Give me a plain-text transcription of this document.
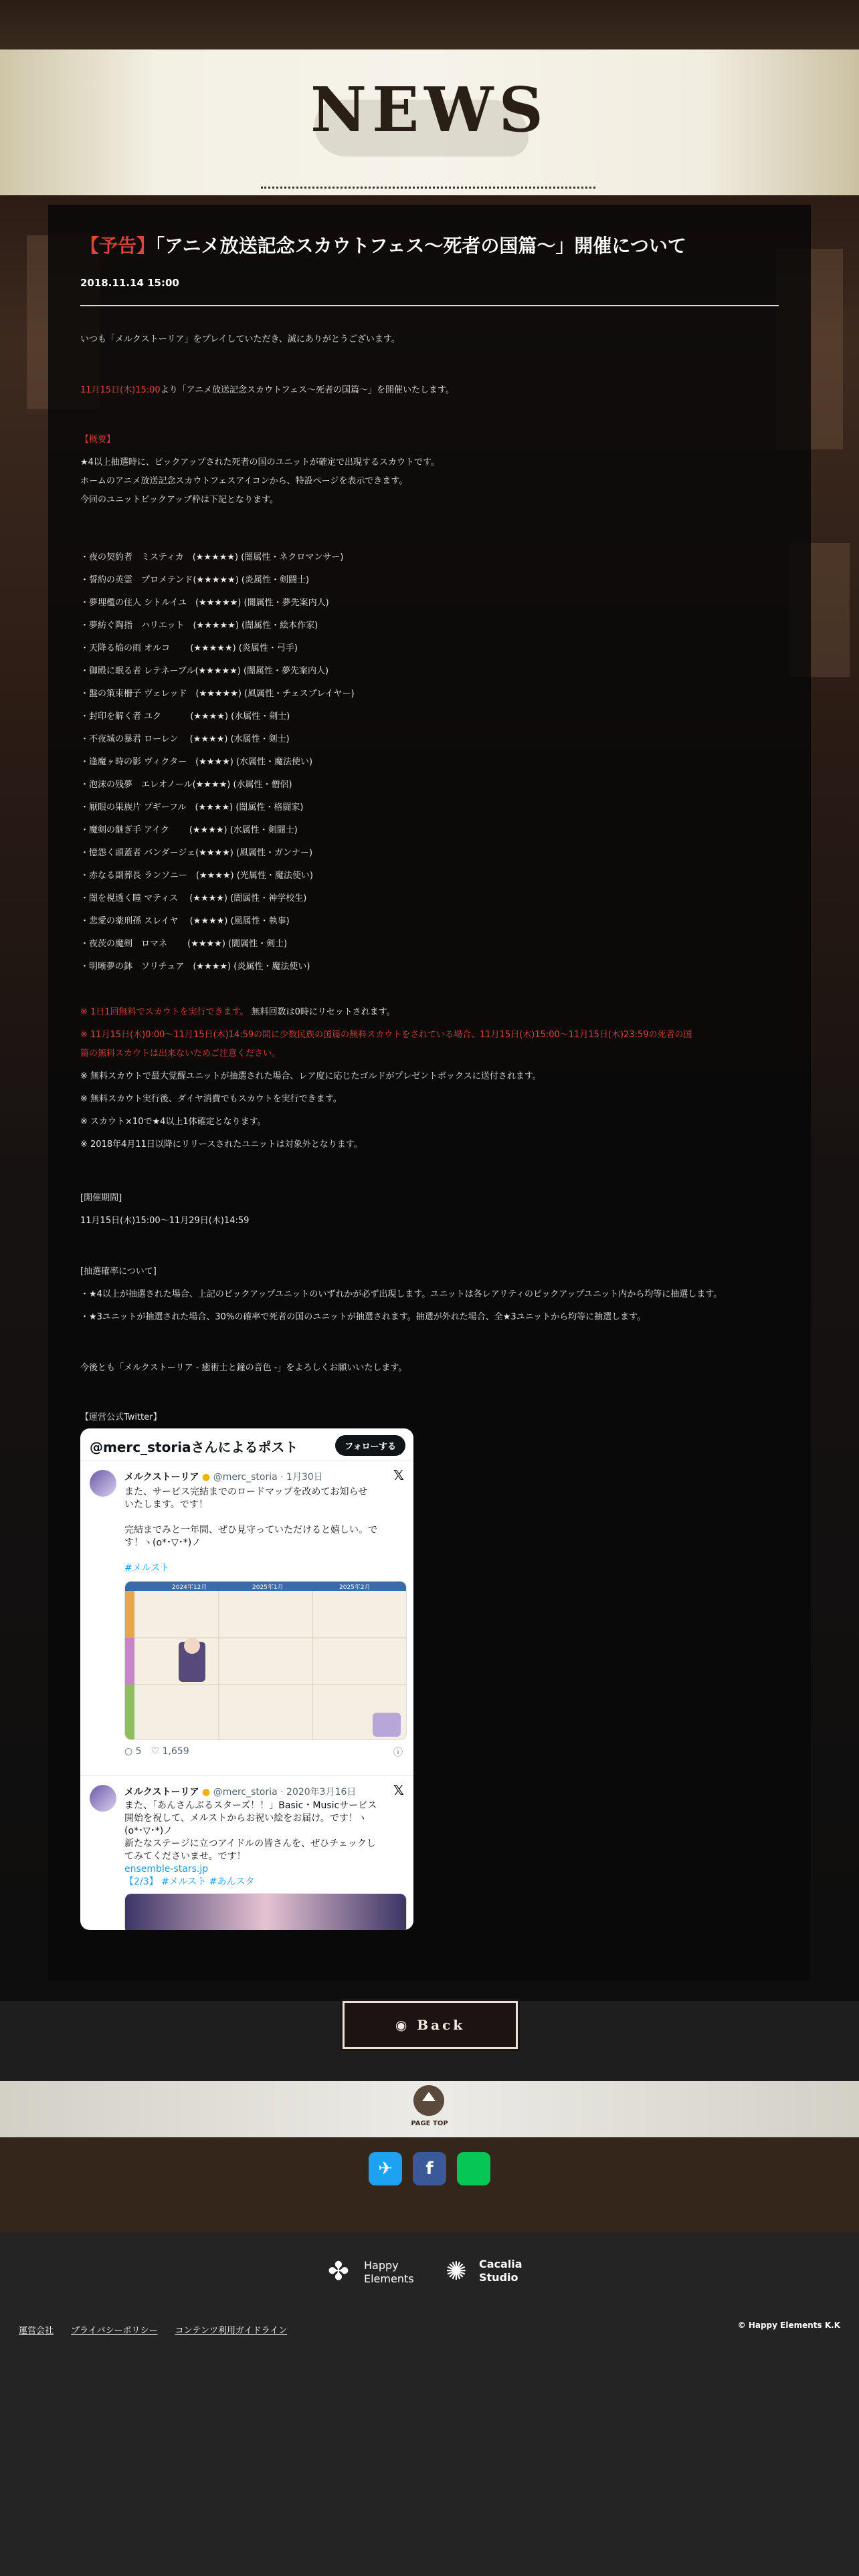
NEWS
【予告】「アニメ放送記念スカウトフェス〜死者の国篇〜」開催について
2018.11.14 15:00
いつも「メルクストーリア」をプレイしていただき、誠にありがとうございます。
11月15日(木)15:00より「アニメ放送記念スカウトフェス〜死者の国篇〜」を開催いたします。
【概要】
★4以上抽選時に、ピックアップされた死者の国のユニットが確定で出現するスカウトです。
ホームのアニメ放送記念スカウトフェスアイコンから、特設ページを表示できます。
今回のユニットピックアップ枠は下記となります。
・夜の契約者　ミスティカ　(★★★★★) (闇属性・ネクロマンサー)
・誓約の英霊　プロメテンド(★★★★★) (炎属性・剣闘士)
・夢埋檻の住人 シトルイユ　(★★★★★) (闇属性・夢先案内人)
・夢紡ぐ陶指　ハリエット　(★★★★★) (闇属性・絵本作家)
・天降る焔の雨 オルコ　　 (★★★★★) (炎属性・弓手)
・御殿に眠る者 レテネーブル(★★★★★) (闇属性・夢先案内人)
・盤の策束柵子 ヴェレッド　(★★★★★) (風属性・チェスプレイヤー)
・封印を解く者 ユク　　　 (★★★★) (水属性・剣士)
・不夜城の暴君 ローレン　 (★★★★) (水属性・剣士)
・逢魔ヶ時の影 ヴィクター　(★★★★) (水属性・魔法使い)
・泡沫の残夢　エレオノール(★★★★) (水属性・僧侶)
・厭眼の果族片 プギーフル　(★★★★) (闇属性・格闘家)
・魔剣の継ぎ手 アイク　　 (★★★★) (水属性・剣闘士)
・憶怨く頭蓋者 バンダージェ(★★★★) (風属性・ガンナー)
・赤なる副葬長 ランソニー　(★★★★) (光属性・魔法使い)
・闇を視透く瞳 マティス　 (★★★★) (闇属性・神学校生)
・悲愛の薬刑孫 スレイヤ　 (★★★★) (風属性・執事)
・夜茨の魔剣　ロマネ　　 (★★★★) (闇属性・剣士)
・明晰夢の鉢　ソリチュア　(★★★★) (炎属性・魔法使い)
※ 1日1回無料でスカウトを実行できます。 無料回数は0時にリセットされます。
※ 11月15日(木)0:00〜11月15日(木)14:59の間に少数民族の国篇の無料スカウトをされている場合、11月15日(木)15:00〜11月15日(木)23:59の死者の国
篇の無料スカウトは出来ないためご注意ください。
※ 無料スカウトで最大覚醒ユニットが抽選された場合、レア度に応じたゴルドがプレゼントボックスに送付されます。
※ 無料スカウト実行後、ダイヤ消費でもスカウトを実行できます。
※ スカウト×10で★4以上1体確定となります。
※ 2018年4月11日以降にリリースされたユニットは対象外となります。
[開催期間]
11月15日(木)15:00〜11月29日(木)14:59
[抽選確率について]
・★4以上が抽選された場合、上記のピックアップユニットのいずれかが必ず出現します。ユニットは各レアリティのピックアップユニット内から均等に抽選します。
・★3ユニットが抽選された場合、30%の確率で死者の国のユニットが抽選されます。抽選が外れた場合、全★3ユニットから均等に抽選します。
今後とも「メルクストーリア - 癒術士と鐘の音色 -」をよろしくお願いいたします。
【運営公式Twitter】
@merc_storiaさんによるポスト	フォローする
メルクストーリア ● @merc_storia · 1月30日	𝕏
また、サービス完結までのロードマップを改めてお知らせ
いたします。です！
完結までみと一年間、ぜひ見守っていただけると嬉しい。で
す！ヽ(o*･▽･*)ノ
#メルスト
2024年12月	2025年1月	2025年2月
○ 5　♡ 1,659	ⓘ
メルクストーリア ● @merc_storia · 2020年3月16日	𝕏
また、「あんさんぶるスターズ！！」Basic・Musicサービス
開始を祝して、メルストからお祝い絵をお届け。です！ヽ
(o*･▽･*)ノ
新たなステージに立つアイドルの皆さんを、ぜひチェックし
てみてくださいませ。です！
ensemble-stars.jp
【2/3】 #メルスト #あんスタ
◉ Back
PAGE TOP
✈	f
✤ Happy
Elements ✺ Cacalia
Studio
運営会社 プライバシーポリシー コンテンツ利用ガイドライン
© Happy Elements K.K
